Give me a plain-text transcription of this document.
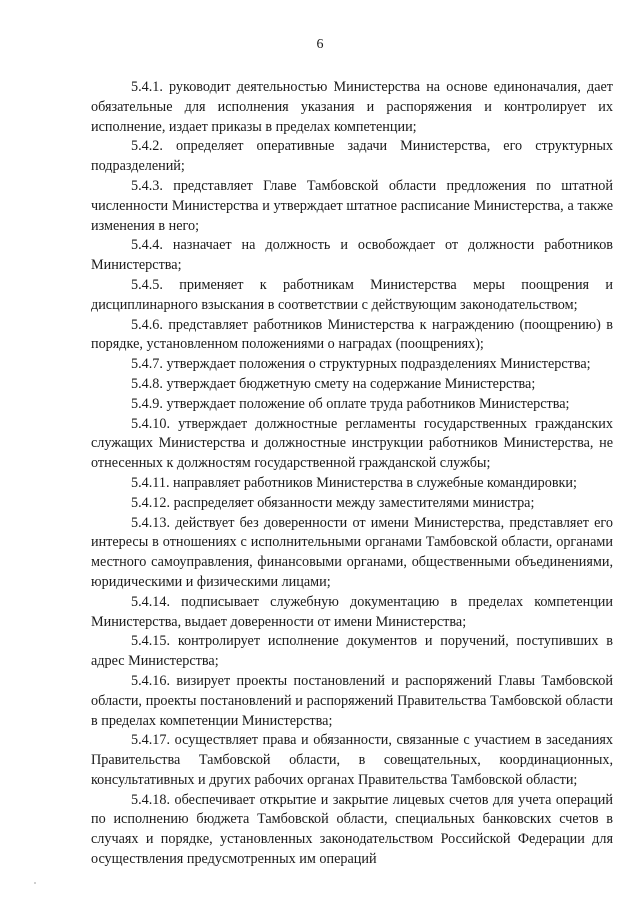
6

5.4.1. руководит деятельностью Министерства на основе единоначалия, дает обязательные для исполнения указания и распоряжения и контролирует их исполнение, издает приказы в пределах компетенции;

5.4.2. определяет оперативные задачи Министерства, его структурных подразделений;

5.4.3. представляет Главе Тамбовской области предложения по штатной численности Министерства и утверждает штатное расписание Министерства, а также изменения в него;

5.4.4. назначает на должность и освобождает от должности работников Министерства;

5.4.5. применяет к работникам Министерства меры поощрения и дисциплинарного взыскания в соответствии с действующим законодательством;

5.4.6. представляет работников Министерства к награждению (поощрению) в порядке, установленном положениями о наградах (поощрениях);

5.4.7. утверждает положения о структурных подразделениях Министерства;

5.4.8. утверждает бюджетную смету на содержание Министерства;

5.4.9. утверждает положение об оплате труда работников Министерства;

5.4.10. утверждает должностные регламенты государственных гражданских служащих Министерства и должностные инструкции работников Министерства, не отнесенных к должностям государственной гражданской службы;

5.4.11. направляет работников Министерства в служебные командировки;

5.4.12. распределяет обязанности между заместителями министра;

5.4.13. действует без доверенности от имени Министерства, представляет его интересы в отношениях с исполнительными органами Тамбовской области, органами местного самоуправления, финансовыми органами, общественными объединениями, юридическими и физическими лицами;

5.4.14. подписывает служебную документацию в пределах компетенции Министерства, выдает доверенности от имени Министерства;

5.4.15. контролирует исполнение документов и поручений, поступивших в адрес Министерства;

5.4.16. визирует проекты постановлений и распоряжений Главы Тамбовской области, проекты постановлений и распоряжений Правительства Тамбовской области в пределах компетенции Министерства;

5.4.17. осуществляет права и обязанности, связанные с участием в заседаниях Правительства Тамбовской области, в совещательных, координационных, консультативных и других рабочих органах Правительства Тамбовской области;

5.4.18. обеспечивает открытие и закрытие лицевых счетов для учета операций по исполнению бюджета Тамбовской области, специальных банковских счетов в случаях и порядке, установленных законодательством Российской Федерации для осуществления предусмотренных им операций
